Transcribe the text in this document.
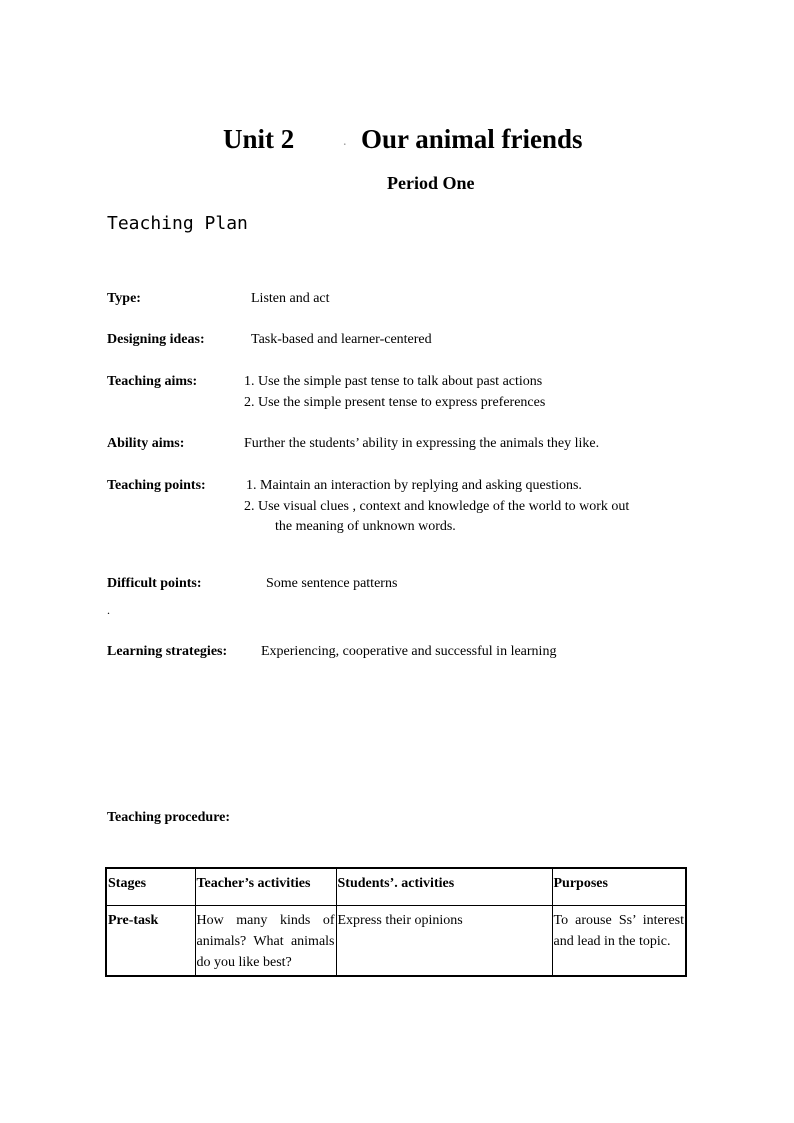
Unit 2	. Our animal friends
Period One
Teaching Plan
Type:	Listen and act
Designing ideas:	Task-based and learner-centered
Teaching aims:	1. Use the simple past tense to talk about past actions
2. Use the simple present tense to express preferences
Ability aims:	Further the students’ ability in expressing the animals they like.
Teaching points:	1. Maintain an interaction by replying and asking questions.
2. Use visual clues , context and knowledge of the world to work out
the meaning of unknown words.
Difficult points:	Some sentence patterns
.
Learning strategies: Experiencing, cooperative and successful in learning
Teaching procedure:
Stages	Teacher’s activities	Students’. activities	Purposes
Pre-task	How many kinds of animals? What animals do you like best?	Express their opinions	To arouse Ss’ interest and lead in the topic.
